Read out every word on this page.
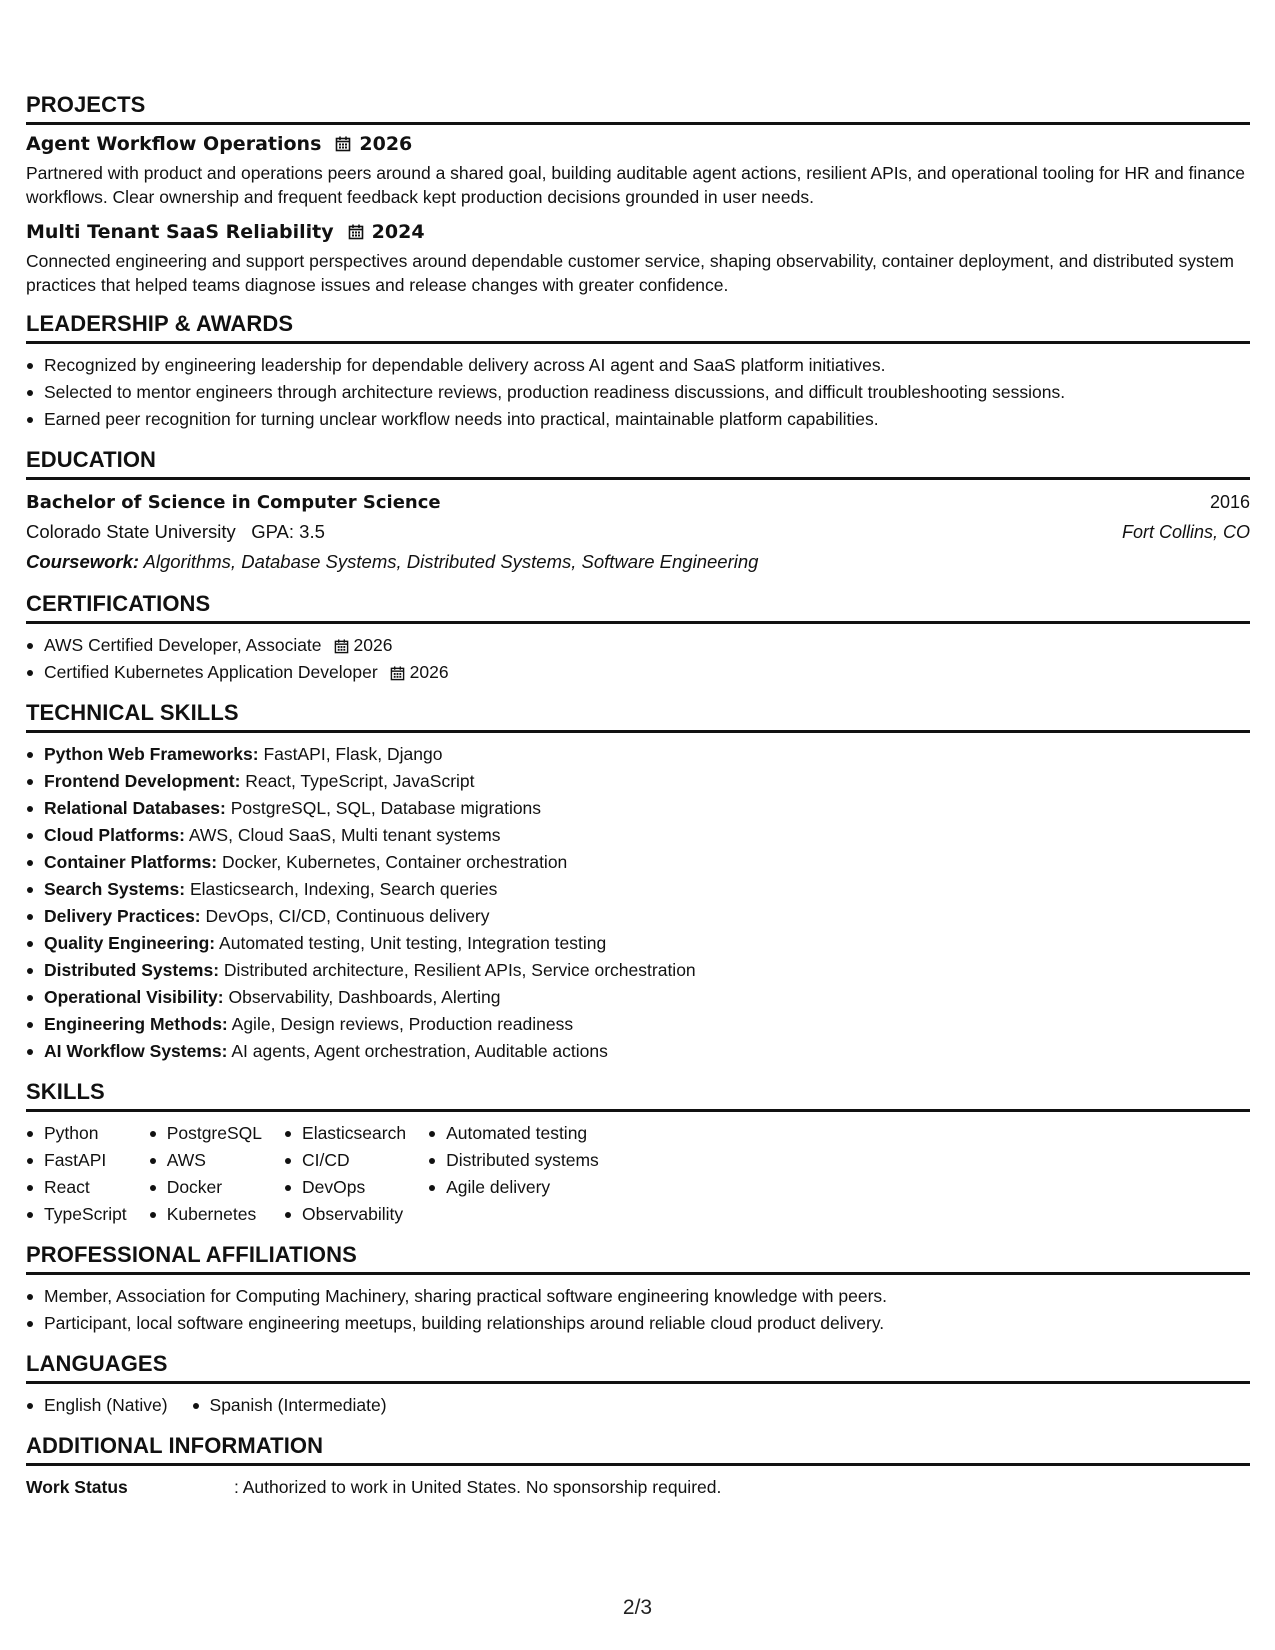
PROJECTS
Agent Workflow Operations 2026

Partnered with product and operations peers around a shared goal, building auditable agent actions, resilient APIs, and operational tooling for HR and finance workflows. Clear ownership and frequent feedback kept production decisions grounded in user needs.

Multi Tenant SaaS Reliability 2024

Connected engineering and support perspectives around dependable customer service, shaping observability, container deployment, and distributed system practices that helped teams diagnose issues and release changes with greater confidence.

LEADERSHIP & AWARDS
Recognized by engineering leadership for dependable delivery across AI agent and SaaS platform initiatives.
Selected to mentor engineers through architecture reviews, production readiness discussions, and difficult troubleshooting sessions.
Earned peer recognition for turning unclear workflow needs into practical, maintainable platform capabilities.
EDUCATION
Bachelor of Science in Computer Science	2016
Colorado State University GPA: 3.5	Fort Collins, CO
Coursework: Algorithms, Database Systems, Distributed Systems, Software Engineering
CERTIFICATIONS
AWS Certified Developer, Associate 2026
Certified Kubernetes Application Developer 2026
TECHNICAL SKILLS
Python Web Frameworks: FastAPI, Flask, Django
Frontend Development: React, TypeScript, JavaScript
Relational Databases: PostgreSQL, SQL, Database migrations
Cloud Platforms: AWS, Cloud SaaS, Multi tenant systems
Container Platforms: Docker, Kubernetes, Container orchestration
Search Systems: Elasticsearch, Indexing, Search queries
Delivery Practices: DevOps, CI/CD, Continuous delivery
Quality Engineering: Automated testing, Unit testing, Integration testing
Distributed Systems: Distributed architecture, Resilient APIs, Service orchestration
Operational Visibility: Observability, Dashboards, Alerting
Engineering Methods: Agile, Design reviews, Production readiness
AI Workflow Systems: AI agents, Agent orchestration, Auditable actions
SKILLS
Python
FastAPI
React
TypeScript
PostgreSQL
AWS
Docker
Kubernetes
Elasticsearch
CI/CD
DevOps
Observability
Automated testing
Distributed systems
Agile delivery
PROFESSIONAL AFFILIATIONS
Member, Association for Computing Machinery, sharing practical software engineering knowledge with peers.
Participant, local software engineering meetups, building relationships around reliable cloud product delivery.
LANGUAGES
English (Native) Spanish (Intermediate)
ADDITIONAL INFORMATION
Work Status	: Authorized to work in United States. No sponsorship required.
2/3
